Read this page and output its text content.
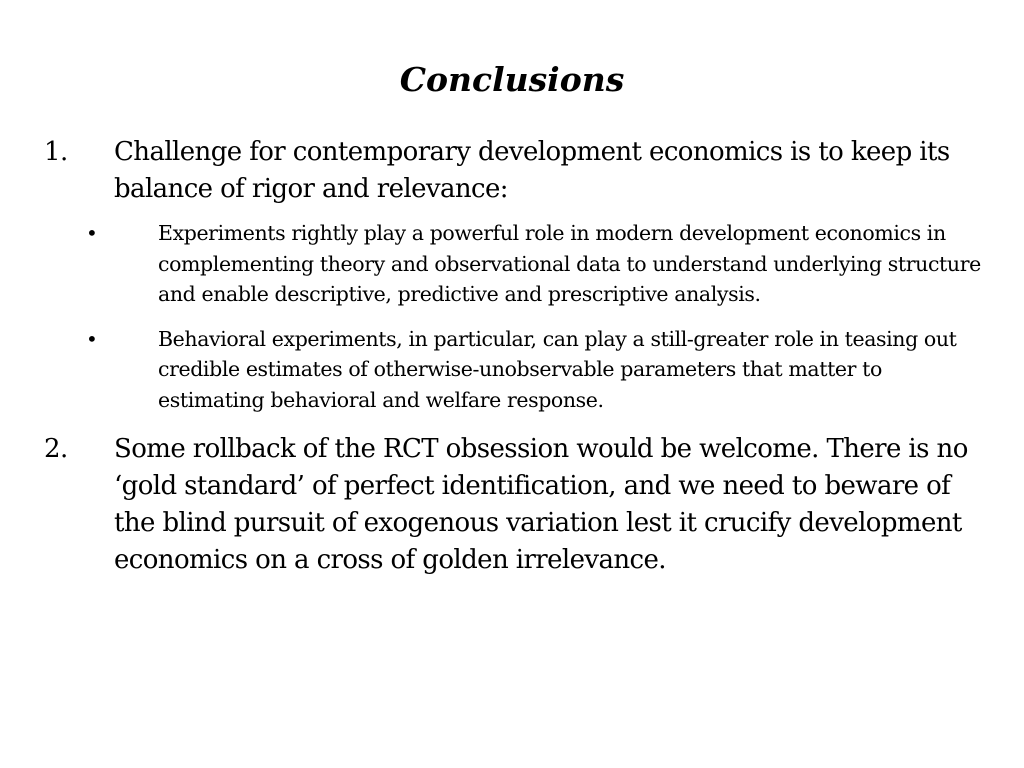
Conclusions
1. Challenge for contemporary development economics is to keep its balance of rigor and relevance:
•	Experiments rightly play a powerful role in modern development economics in complementing theory and observational data to understand underlying structure and enable descriptive, predictive and prescriptive analysis.
•	Behavioral experiments, in particular, can play a still-greater role in teasing out credible estimates of otherwise-unobservable parameters that matter to estimating behavioral and welfare response.
2. Some rollback of the RCT obsession would be welcome. There is no ‘gold standard’ of perfect identification, and we need to beware of the blind pursuit of exogenous variation lest it crucify development economics on a cross of golden irrelevance.
